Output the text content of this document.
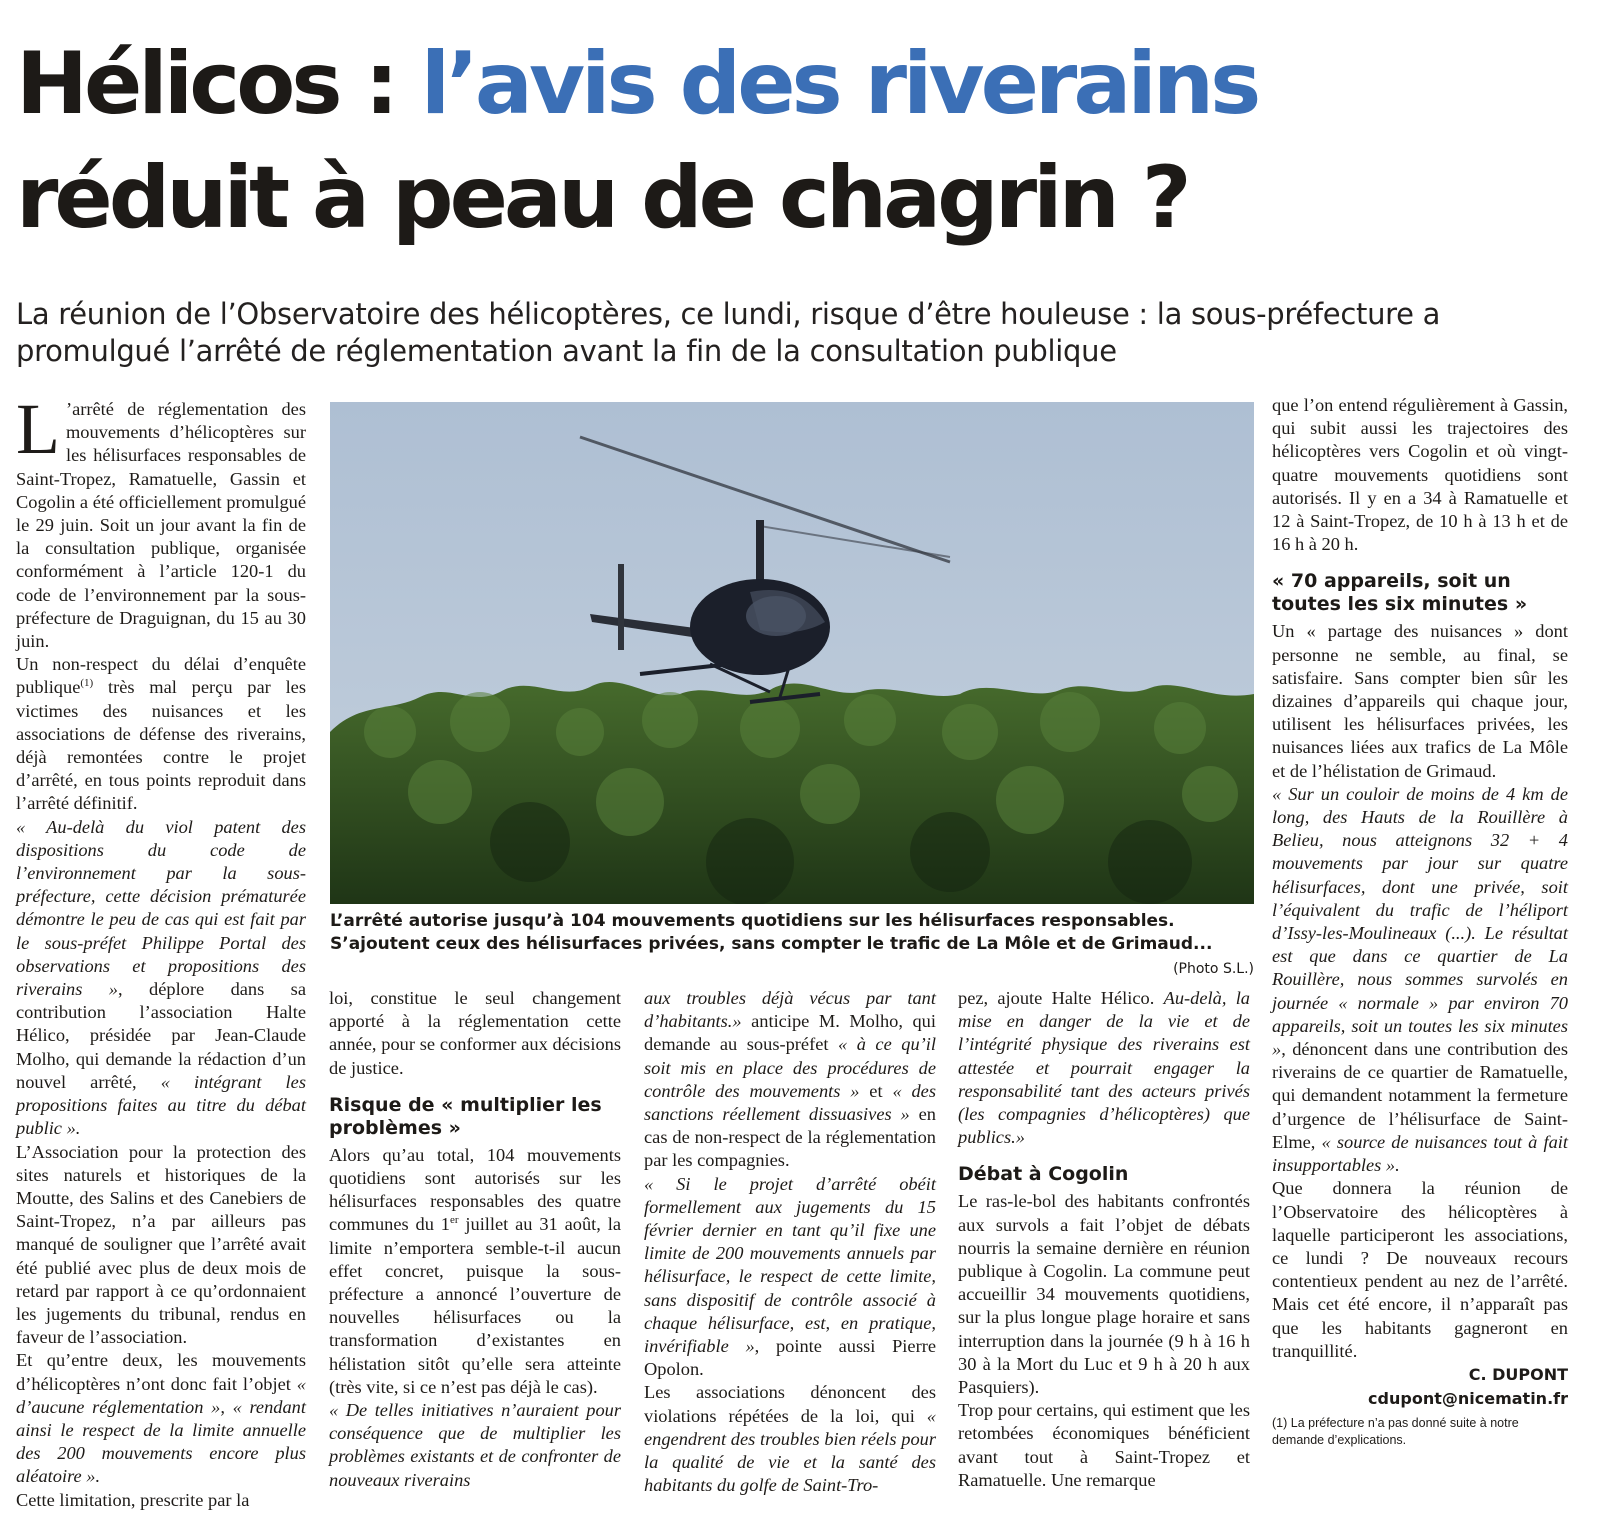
Hélicos : l’avis des riverains
réduit à peau de chagrin ?

La réunion de l’Observatoire des hélicoptères, ce lundi, risque d’être houleuse : la sous-préfecture a promulgué l’arrêté de réglementation avant la fin de la consultation publique

L ’arrêté de réglementation des mouvements d’hélicoptères sur les hélisurfaces responsables de Saint-Tropez, Ramatuelle, Gassin et Cogolin a été officiellement promulgué le 29 juin. Soit un jour avant la fin de la consultation publique, organisée conformément à l’article 120-1 du code de l’environnement par la sous-préfecture de Draguignan, du 15 au 30 juin.

Un non-respect du délai d’enquête publique$^{(1)}$ très mal perçu par les victimes des nuisances et les associations de défense des riverains, déjà remontées contre le projet d’arrêté, en tous points reproduit dans l’arrêté définitif.

« Au-delà du viol patent des dispositions du code de l’environnement par la sous-préfecture, cette décision prématurée démontre le peu de cas qui est fait par le sous-préfet Philippe Portal des observations et propositions des riverains », déplore dans sa contribution l’association Halte Hélico, présidée par Jean-Claude Molho, qui demande la rédaction d’un nouvel arrêté, « intégrant les propositions faites au titre du débat public ».

L’Association pour la protection des sites naturels et historiques de la Moutte, des Salins et des Canebiers de Saint-Tropez, n’a par ailleurs pas manqué de souligner que l’arrêté avait été publié avec plus de deux mois de retard par rapport à ce qu’ordonnaient les jugements du tribunal, rendus en faveur de l’association.

Et qu’entre deux, les mouvements d’hélicoptères n’ont donc fait l’objet « d’aucune réglementation », « rendant ainsi le respect de la limite annuelle des 200 mouvements encore plus aléatoire ».

Cette limitation, prescrite par la

L’arrêté autorise jusqu’à 104 mouvements quotidiens sur les hélisurfaces responsables. S’ajoutent ceux des hélisurfaces privées, sans compter le trafic de La Môle et de Grimaud...
(Photo S.L.)

loi, constitue le seul changement apporté à la réglementation cette année, pour se conformer aux décisions de justice.

Risque de « multiplier les problèmes »

Alors qu’au total, 104 mouvements quotidiens sont autorisés sur les hélisurfaces responsables des quatre communes du 1er juillet au 31 août, la limite n’emportera semble-t-il aucun effet concret, puisque la sous-préfecture a annoncé l’ouverture de nouvelles hélisurfaces ou la transformation d’existantes en hélistation sitôt qu’elle sera atteinte (très vite, si ce n’est pas déjà le cas).

« De telles initiatives n’auraient pour conséquence que de multiplier les problèmes existants et de confronter de nouveaux riverains

aux troubles déjà vécus par tant d’habitants.» anticipe M. Molho, qui demande au sous-préfet « à ce qu’il soit mis en place des procédures de contrôle des mouvements » et « des sanctions réellement dissuasives » en cas de non-respect de la réglementation par les compagnies.

« Si le projet d’arrêté obéit formellement aux jugements du 15 février dernier en tant qu’il fixe une limite de 200 mouvements annuels par hélisurface, le respect de cette limite, sans dispositif de contrôle associé à chaque hélisurface, est, en pratique, invérifiable », pointe aussi Pierre Opolon.

Les associations dénoncent des violations répétées de la loi, qui « engendrent des troubles bien réels pour la qualité de vie et la santé des habitants du golfe de Saint-Tro-

pez, ajoute Halte Hélico. Au-delà, la mise en danger de la vie et de l’intégrité physique des riverains est attestée et pourrait engager la responsabilité tant des acteurs privés (les compagnies d’hélicoptères) que publics.»

Débat à Cogolin

Le ras-le-bol des habitants confrontés aux survols a fait l’objet de débats nourris la semaine dernière en réunion publique à Cogolin. La commune peut accueillir 34 mouvements quotidiens, sur la plus longue plage horaire et sans interruption dans la journée (9 h à 16 h 30 à la Mort du Luc et 9 h à 20 h aux Pasquiers).

Trop pour certains, qui estiment que les retombées économiques bénéficient avant tout à Saint-Tropez et Ramatuelle. Une remarque

que l’on entend régulièrement à Gassin, qui subit aussi les trajectoires des hélicoptères vers Cogolin et où vingt-quatre mouvements quotidiens sont autorisés. Il y en a 34 à Ramatuelle et 12 à Saint-Tropez, de 10 h à 13 h et de 16 h à 20 h.

« 70 appareils, soit un toutes les six minutes »

Un « partage des nuisances » dont personne ne semble, au final, se satisfaire. Sans compter bien sûr les dizaines d’appareils qui chaque jour, utilisent les hélisurfaces privées, les nuisances liées aux trafics de La Môle et de l’hélistation de Grimaud.

« Sur un couloir de moins de 4 km de long, des Hauts de la Rouillère à Belieu, nous atteignons 32 + 4 mouvements par jour sur quatre hélisurfaces, dont une privée, soit l’équivalent du trafic de l’héliport d’Issy-les-Moulineaux (...). Le résultat est que dans ce quartier de La Rouillère, nous sommes survolés en journée « normale » par environ 70 appareils, soit un toutes les six minutes », dénoncent dans une contribution des riverains de ce quartier de Ramatuelle, qui demandent notamment la fermeture d’urgence de l’hélisurface de Saint-Elme, « source de nuisances tout à fait insupportables ».

Que donnera la réunion de l’Observatoire des hélicoptères à laquelle participeront les associations, ce lundi ? De nouveaux recours contentieux pendent au nez de l’arrêté. Mais cet été encore, il n’apparaît pas que les habitants gagneront en tranquillité.

C. DUPONT
cdupont@nicematin.fr
(1) La préfecture n’a pas donné suite à notre demande d’explications.
